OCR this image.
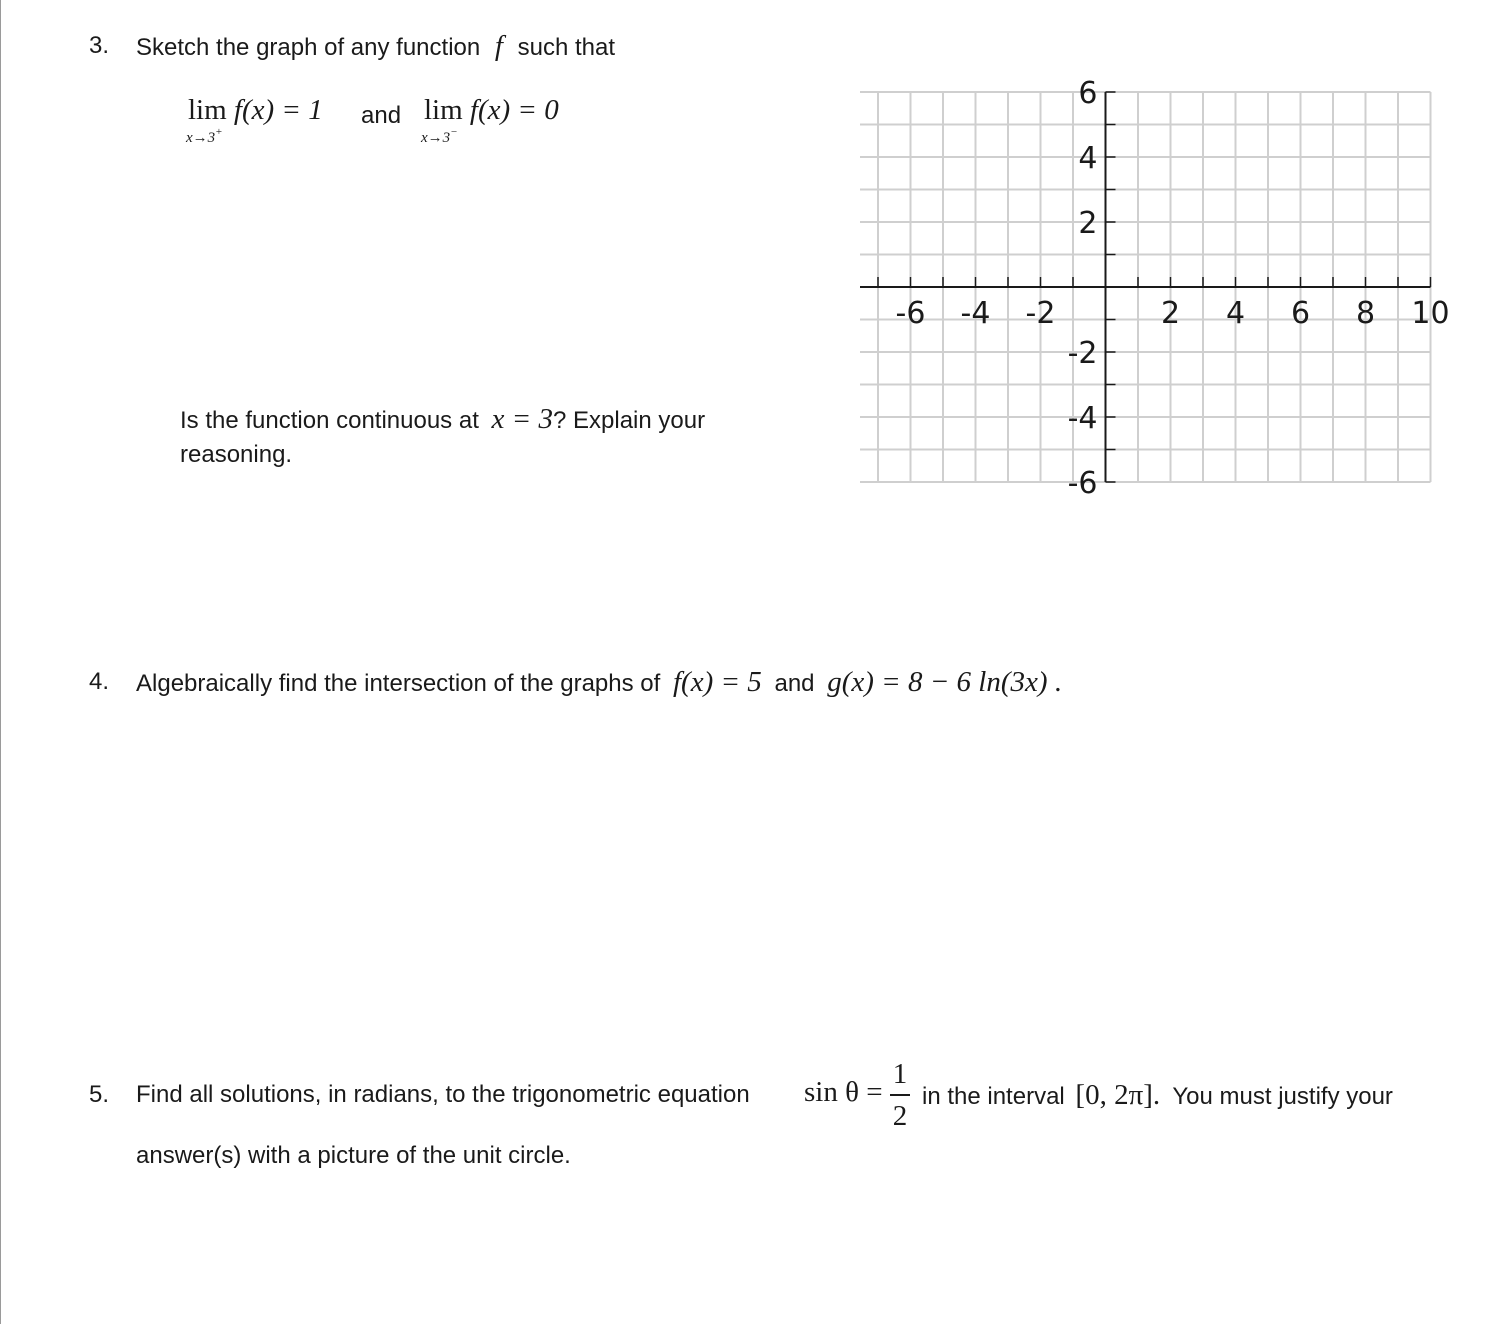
3. Sketch the graph of any function f such that
lim f(x) = 1
x→3+
and lim f(x) = 0
x→3−
Is the function continuous at x = 3? Explain your
reasoning.
-6 -4 -2	2 4 6 8 10
6
4
2
-2
-4
-6
4. Algebraically find the intersection of the graphs of f(x) = 5 and g(x) = 8 − 6 ln(3x) .
5. Find all solutions, in radians, to the trigonometric equation sin θ =
1
2
in the interval [0, 2π]. You must justify your
answer(s) with a picture of the unit circle.
